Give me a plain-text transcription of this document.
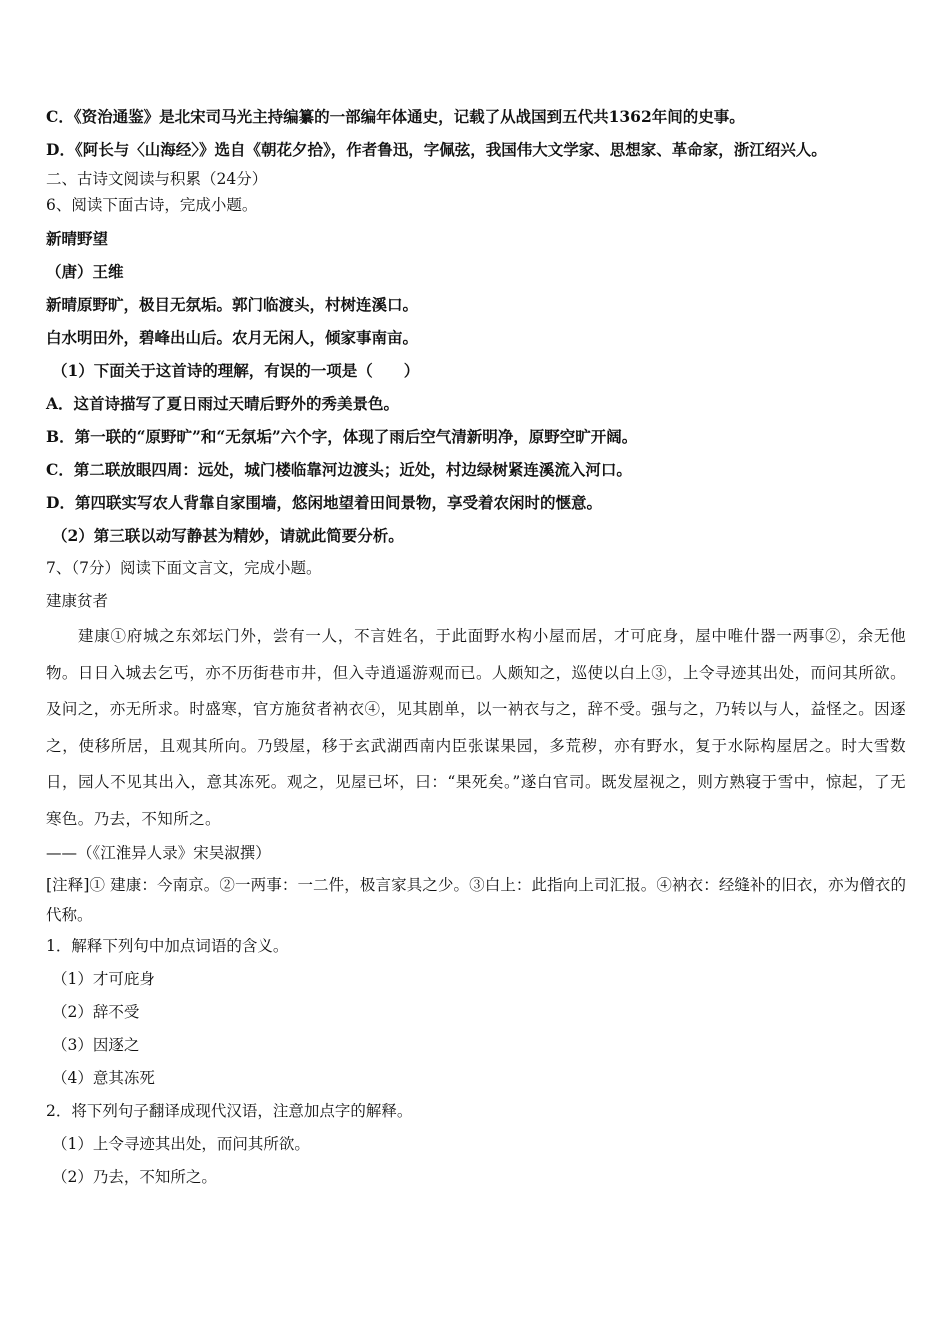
C．《资治通鉴》是北宋司马光主持编纂的一部编年体通史，记载了从战国到五代共1362年间的史事。
D．《阿长与〈山海经〉》选自《朝花夕拾》，作者鲁迅，字佩弦，我国伟大文学家、思想家、革命家，浙江绍兴人。
二、古诗文阅读与积累（24分）
6、阅读下面古诗，完成小题。
新晴野望
（唐）王维
新晴原野旷，极目无氛垢。郭门临渡头，村树连溪口。
白水明田外，碧峰出山后。农月无闲人，倾家事南亩。
（1）下面关于这首诗的理解，有误的一项是（　　）
A．这首诗描写了夏日雨过天晴后野外的秀美景色。
B．第一联的“原野旷”和“无氛垢”六个字，体现了雨后空气清新明净，原野空旷开阔。
C．第二联放眼四周：远处，城门楼临靠河边渡头；近处，村边绿树紧连溪流入河口。
D．第四联实写农人背靠自家围墙，悠闲地望着田间景物，享受着农闲时的惬意。
（2）第三联以动写静甚为精妙，请就此简要分析。
7、（7分）阅读下面文言文，完成小题。
建康贫者
建康①府城之东郊坛门外，尝有一人，不言姓名，于此面野水构小屋而居，才可庇身，屋中唯什器一两事②，余无他物。日日入城去乞丐，亦不历街巷市井，但入寺逍遥游观而已。人颇知之，巡使以白上③，上令寻迹其出处，而问其所欲。及问之，亦无所求。时盛寒，官方施贫者衲衣④，见其剧单，以一衲衣与之，辞不受。强与之，乃转以与人，益怪之。因逐之，使移所居，且观其所向。乃毁屋，移于玄武湖西南内臣张谋果园，多荒秽，亦有野水，复于水际构屋居之。时大雪数日，园人不见其出入，意其冻死。观之，见屋已坏，曰：“果死矣。”遂白官司。既发屋视之，则方熟寝于雪中，惊起，了无寒色。乃去，不知所之。
——（《江淮异人录》宋吴淑撰）
[注释]① 建康：今南京。②一两事：一二件，极言家具之少。③白上：此指向上司汇报。④衲衣：经缝补的旧衣，亦为僧衣的代称。
1．解释下列句中加点词语的含义。
（1）才可庇身
（2）辞不受
（3）因逐之
（4）意其冻死
2．将下列句子翻译成现代汉语，注意加点字的解释。
（1）上令寻迹其出处，而问其所欲。
（2）乃去，不知所之。
